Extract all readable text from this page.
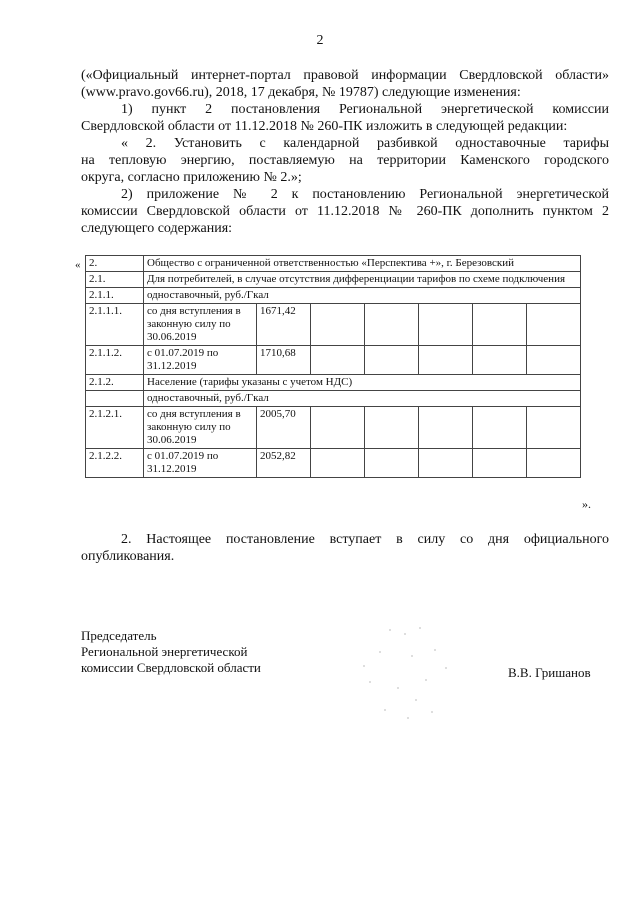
2
(«Официальный интернет-портал правовой информации Свердловской области»
(www.pravo.gov66.ru), 2018, 17 декабря, № 19787) следующие изменения:
1) пункт 2 постановления Региональной энергетической комиссии
Свердловской области от 11.12.2018 № 260-ПК изложить в следующей редакции:
« 2. Установить с календарной разбивкой одноставочные тарифы
на тепловую энергию, поставляемую на территории Каменского городского
округа, согласно приложению № 2.»;
2) приложение № 2 к постановлению Региональной энергетической
комиссии Свердловской области от 11.12.2018 № 260-ПК дополнить пунктом 2
следующего содержания:
« 2.	Общество с ограниченной ответственностью «Перспектива +», г. Березовский						
2.1.	Для потребителей, в случае отсутствия дифференциации тарифов по схеме подключения						
2.1.1.	одноставочный, руб./Гкал						
2.1.1.1.	со дня вступления в законную силу по 30.06.2019	1671,42					
2.1.1.2.	с 01.07.2019 по 31.12.2019	1710,68					
2.1.2.	Население (тарифы указаны с учетом НДС)						
	одноставочный, руб./Гкал						
2.1.2.1.	со дня вступления в законную силу по 30.06.2019	2005,70					
2.1.2.2.	с 01.07.2019 по 31.12.2019	2052,82					
».
2. Настоящее постановление вступает в силу со дня официального
опубликования.
Председатель
Региональной энергетической
комиссии Свердловской области	В.В. Гришанов
